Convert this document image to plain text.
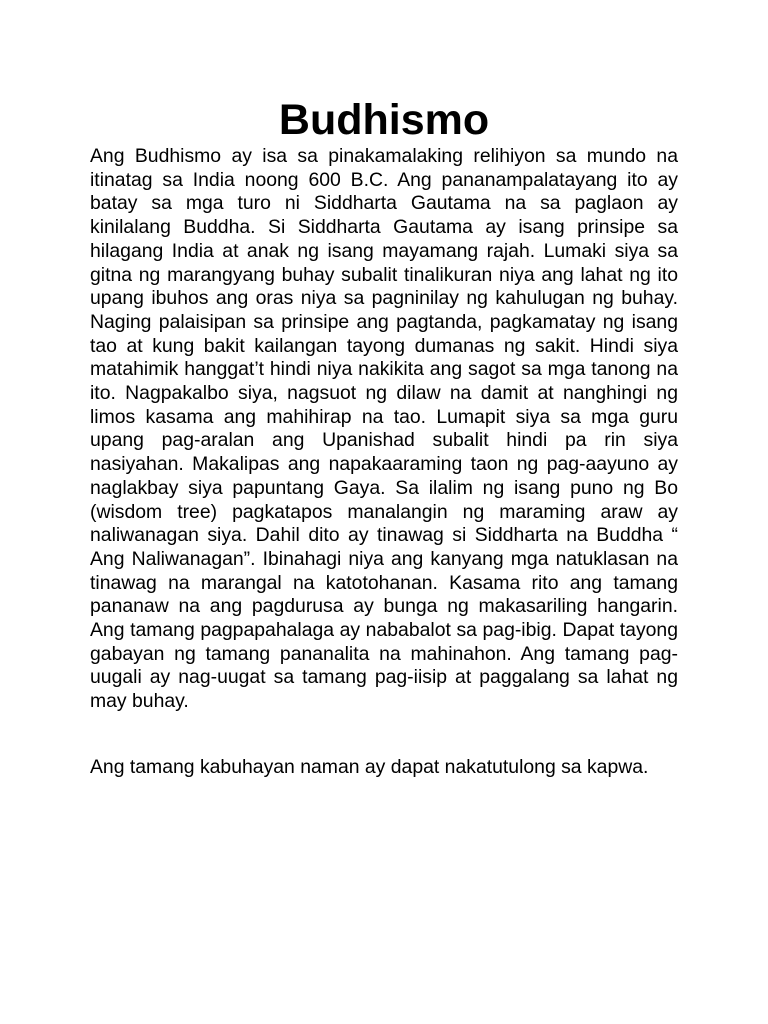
Budhismo

Ang Budhismo ay isa sa pinakamalaking relihiyon sa mundo na itinatag sa India noong 600 B.C. Ang pananampalatayang ito ay batay sa mga turo ni Siddharta Gautama na sa paglaon ay kinilalang Buddha. Si Siddharta Gautama ay isang prinsipe sa hilagang India at anak ng isang mayamang rajah. Lumaki siya sa gitna ng marangyang buhay subalit tinalikuran niya ang lahat ng ito upang ibuhos ang oras niya sa pagninilay ng kahulugan ng buhay. Naging palaisipan sa prinsipe ang pagtanda, pagkamatay ng isang tao at kung bakit kailangan tayong dumanas ng sakit. Hindi siya matahimik hanggat’t hindi niya nakikita ang sagot sa mga tanong na ito. Nagpakalbo siya, nagsuot ng dilaw na damit at nanghingi ng limos kasama ang mahihirap na tao. Lumapit siya sa mga guru upang pag-aralan ang Upanishad subalit hindi pa rin siya nasiyahan. Makalipas ang napakaaraming taon ng pag-aayuno ay naglakbay siya papuntang Gaya. Sa ilalim ng isang puno ng Bo (wisdom tree) pagkatapos manalangin ng maraming araw ay naliwanagan siya. Dahil dito ay tinawag si Siddharta na Buddha “ Ang Naliwanagan”. Ibinahagi niya ang kanyang mga natuklasan na tinawag na marangal na katotohanan. Kasama rito ang tamang pananaw na ang pagdurusa ay bunga ng makasariling hangarin. Ang tamang pagpapahalaga ay nababalot sa pag-ibig. Dapat tayong gabayan ng tamang pananalita na mahinahon. Ang tamang pag-uugali ay nag-uugat sa tamang pag-iisip at paggalang sa lahat ng may buhay.

Ang tamang kabuhayan naman ay dapat nakatutulong sa kapwa.
